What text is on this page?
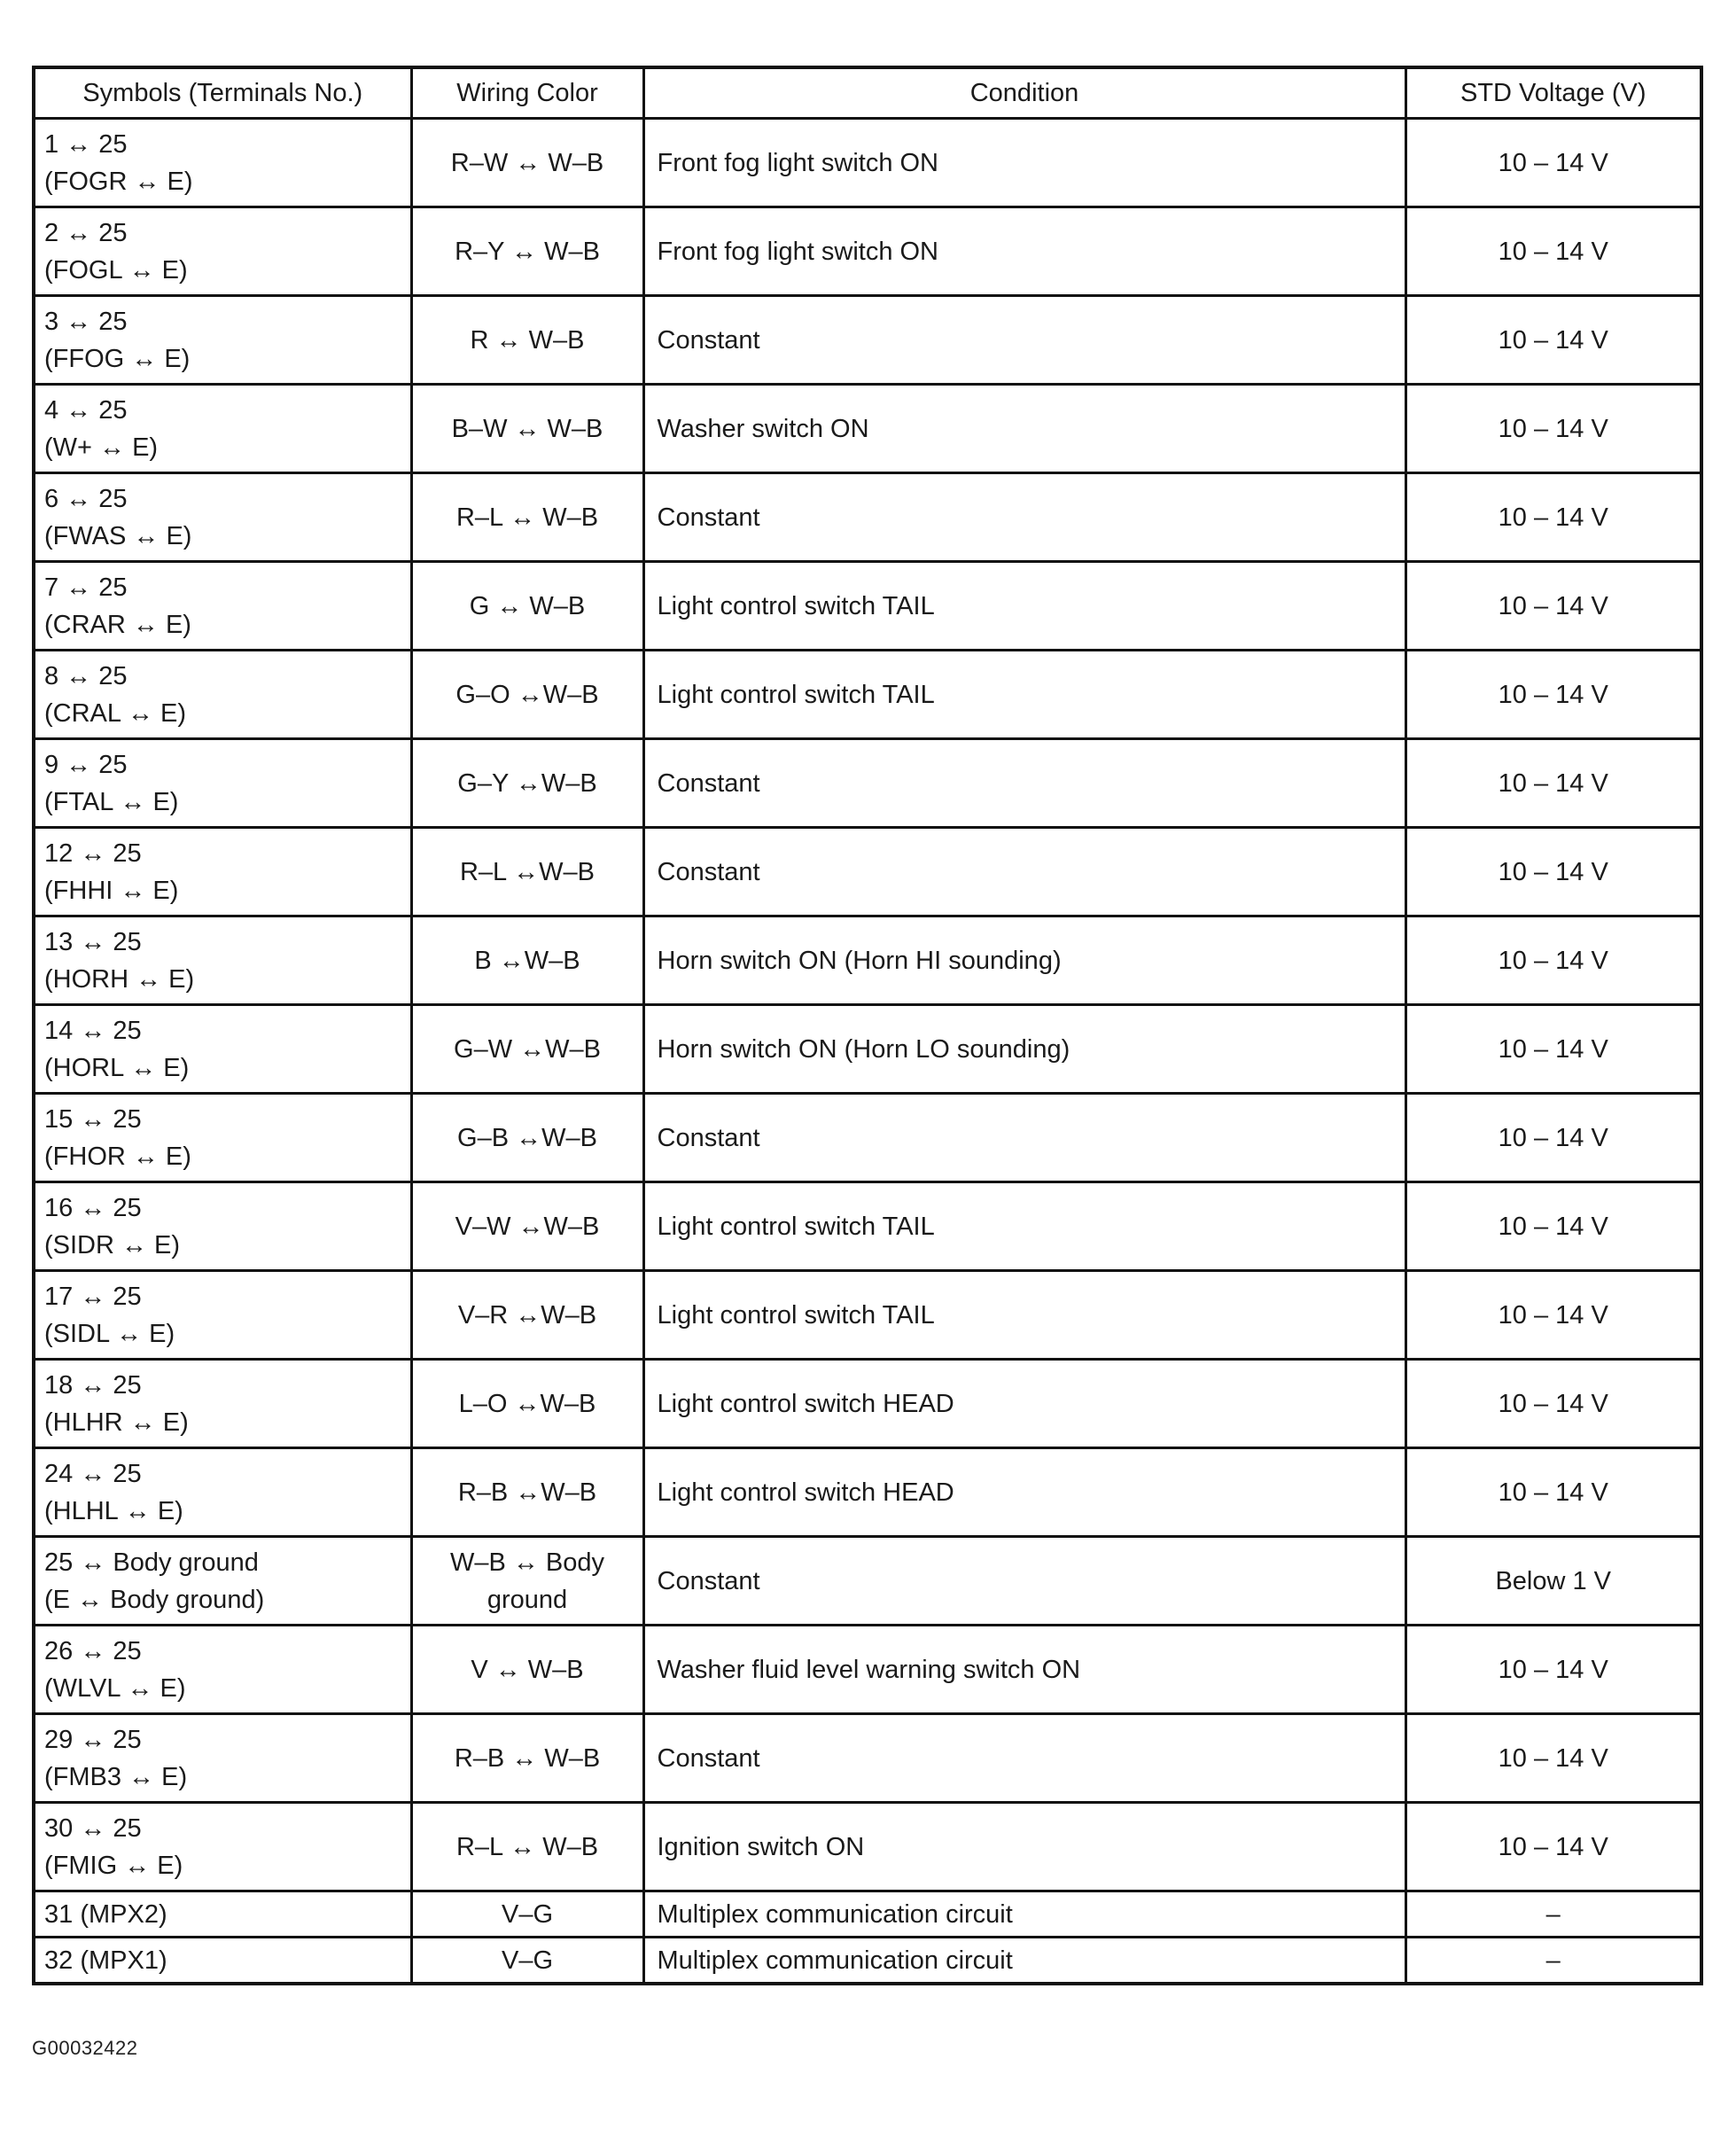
Symbols (Terminals No.)	Wiring Color	Condition	STD Voltage (V)

1 ↔ 25
(FOGR ↔ E)	R–W ↔ W–B	Front fog light switch ON	10 – 14 V

2 ↔ 25
(FOGL ↔ E)	R–Y ↔ W–B	Front fog light switch ON	10 – 14 V

3 ↔ 25
(FFOG ↔ E)	R ↔ W–B	Constant	10 – 14 V

4 ↔ 25
(W+ ↔ E)	B–W ↔ W–B	Washer switch ON	10 – 14 V

6 ↔ 25
(FWAS ↔ E)	R–L ↔ W–B	Constant	10 – 14 V

7 ↔ 25
(CRAR ↔ E)	G ↔ W–B	Light control switch TAIL	10 – 14 V

8 ↔ 25
(CRAL ↔ E)	G–O ↔W–B	Light control switch TAIL	10 – 14 V

9 ↔ 25
(FTAL ↔ E)	G–Y ↔W–B	Constant	10 – 14 V

12 ↔ 25
(FHHI ↔ E)	R–L ↔W–B	Constant	10 – 14 V

13 ↔ 25
(HORH ↔ E)	B ↔W–B	Horn switch ON (Horn HI sounding)	10 – 14 V

14 ↔ 25
(HORL ↔ E)	G–W ↔W–B	Horn switch ON (Horn LO sounding)	10 – 14 V

15 ↔ 25
(FHOR ↔ E)	G–B ↔W–B	Constant	10 – 14 V

16 ↔ 25
(SIDR ↔ E)	V–W ↔W–B	Light control switch TAIL	10 – 14 V

17 ↔ 25
(SIDL ↔ E)	V–R ↔W–B	Light control switch TAIL	10 – 14 V

18 ↔ 25
(HLHR ↔ E)	L–O ↔W–B	Light control switch HEAD	10 – 14 V

24 ↔ 25
(HLHL ↔ E)	R–B ↔W–B	Light control switch HEAD	10 – 14 V

25 ↔ Body ground
(E ↔ Body ground)	W–B ↔ Body ground	Constant	Below 1 V

26 ↔ 25
(WLVL ↔ E)	V ↔ W–B	Washer fluid level warning switch ON	10 – 14 V

29 ↔ 25
(FMB3 ↔ E)	R–B ↔ W–B	Constant	10 – 14 V

30 ↔ 25
(FMIG ↔ E)	R–L ↔ W–B	Ignition switch ON	10 – 14 V
31 (MPX2)	V–G	Multiplex communication circuit	–
32 (MPX1)	V–G	Multiplex communication circuit	–
G00032422
